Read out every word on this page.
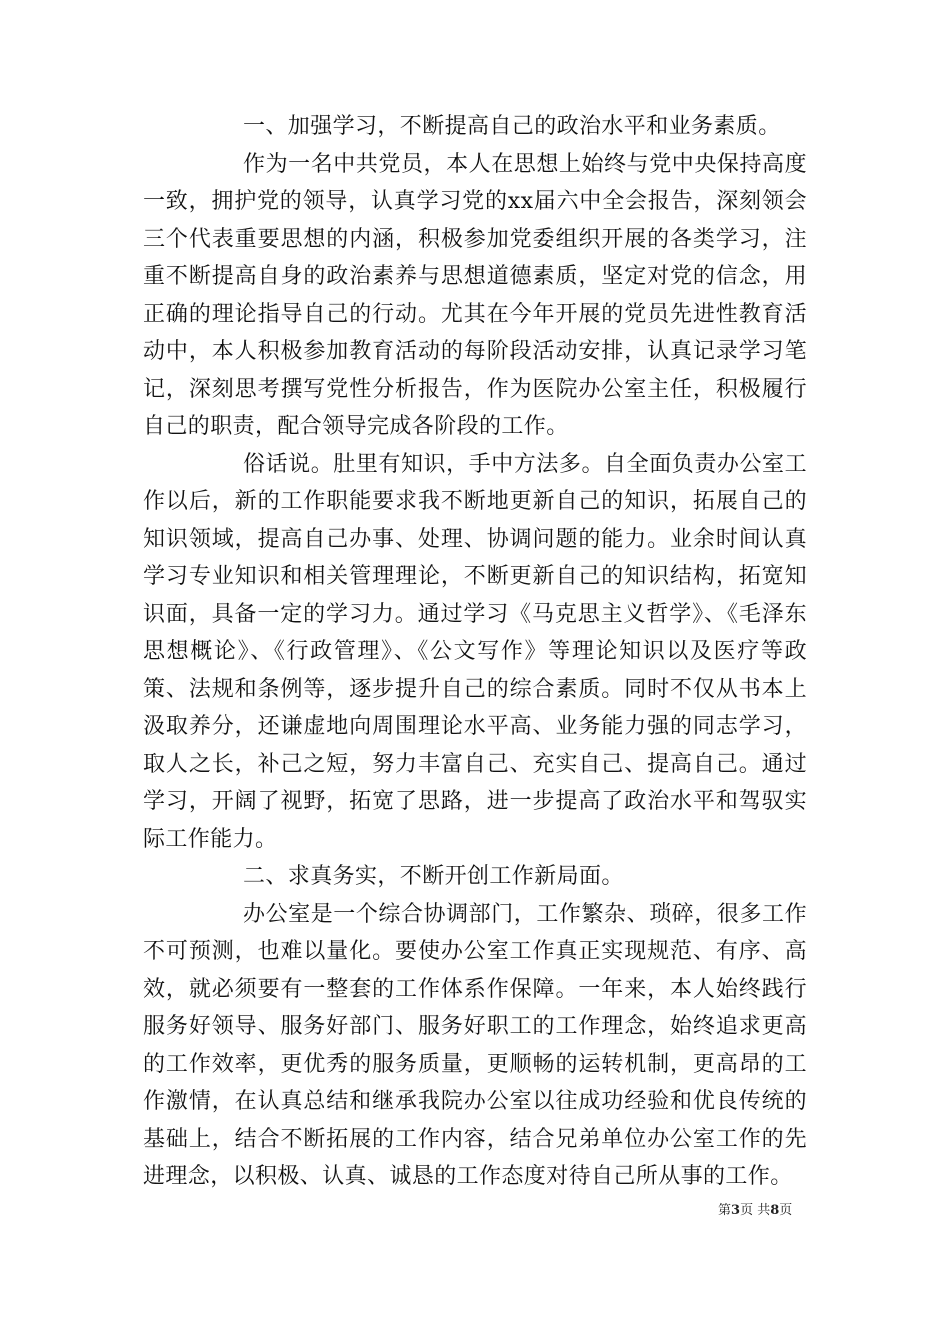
一、加强学习，不断提高自己的政治水平和业务素质。

作为一名中共党员，本人在思想上始终与党中央保持高度一致，拥护党的领导，认真学习党的xx届六中全会报告，深刻领会三个代表重要思想的内涵，积极参加党委组织开展的各类学习，注重不断提高自身的政治素养与思想道德素质，坚定对党的信念，用正确的理论指导自己的行动。尤其在今年开展的党员先进性教育活动中，本人积极参加教育活动的每阶段活动安排，认真记录学习笔记，深刻思考撰写党性分析报告，作为医院办公室主任，积极履行自己的职责，配合领导完成各阶段的工作。

俗话说。肚里有知识，手中方法多。自全面负责办公室工作以后，新的工作职能要求我不断地更新自己的知识，拓展自己的知识领域，提高自己办事、处理、协调问题的能力。业余时间认真学习专业知识和相关管理理论，不断更新自己的知识结构，拓宽知识面，具备一定的学习力。通过学习《马克思主义哲学》、《毛泽东思想概论》、《行政管理》、《公文写作》等理论知识以及医疗等政策、法规和条例等，逐步提升自己的综合素质。同时不仅从书本上汲取养分，还谦虚地向周围理论水平高、业务能力强的同志学习，取人之长，补己之短，努力丰富自己、充实自己、提高自己。通过学习，开阔了视野，拓宽了思路，进一步提高了政治水平和驾驭实际工作能力。

二、求真务实，不断开创工作新局面。

办公室是一个综合协调部门，工作繁杂、琐碎，很多工作不可预测，也难以量化。要使办公室工作真正实现规范、有序、高效，就必须要有一整套的工作体系作保障。一年来，本人始终践行服务好领导、服务好部门、服务好职工的工作理念，始终追求更高的工作效率，更优秀的服务质量，更顺畅的运转机制，更高昂的工作激情，在认真总结和继承我院办公室以往成功经验和优良传统的基础上，结合不断拓展的工作内容，结合兄弟单位办公室工作的先进理念，以积极、认真、诚恳的工作态度对待自己所从事的工作。

第3页 共8页
